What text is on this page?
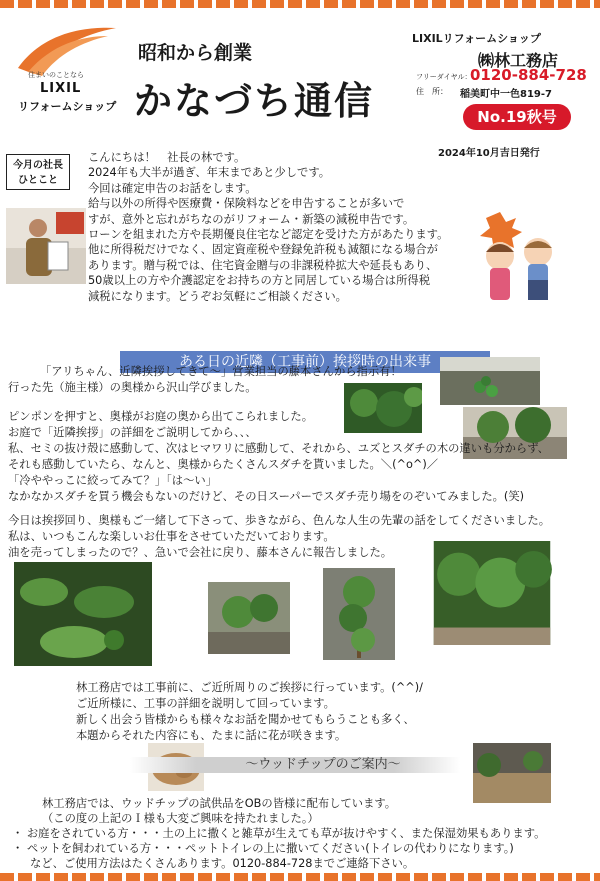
住まいのことなら
LIXIL
リフォームショップ
昭和から創業
かなづち通信
LIXILリフォームショップ
㈱林工務店
フリーダイヤル：
0120-884-728
住　所： 稲美町中一色819-7
No.19秋号
2024年10月吉日発行
今月の社長
ひとこと
こんにちは！　社長の林です。
2024年も大半が過ぎ、年末まであと少しです。
今回は確定申告のお話をします。
給与以外の所得や医療費・保険料などを申告することが多いで
すが、意外と忘れがちなのがリフォーム・新築の減税申告です。
ローンを組まれた方や長期優良住宅など認定を受けた方があたります。
他に所得税だけでなく、固定資産税や登録免許税も減額になる場合が
あります。贈与税では、住宅資金贈与の非課税枠拡大や延長もあり、
50歳以上の方や介護認定をお持ちの方と同居している場合は所得税
減税になります。どうぞお気軽にご相談ください。
ある日の近隣（工事前）挨拶時の出来事
「アリちゃん、近隣挨拶してきて～」営業担当の藤本さんから指示有！
行った先（施主様）の奥様から沢山学びました。
ピンポンを押すと、奥様がお庭の奥から出てこられました。
お庭で「近隣挨拶」の詳細をご説明してから、、、
私、セミの抜け殻に感動して、次はヒマワリに感動して、それから、ユズとスダチの木の違いも分からず、
それも感動していたら、なんと、奥様からたくさんスダチを貰いました。＼(^o^)／
「冷ややっこに絞ってみて？」「は～い」
なかなかスダチを買う機会もないのだけど、その日スーパーでスダチ売り場をのぞいてみました。(笑)
今日は挨拶回り、奥様もご一緒して下さって、歩きながら、色んな人生の先輩の話をしてくださいました。
私は、いつもこんな楽しいお仕事をさせていただいております。
油を売ってしまったので？、急いで会社に戻り、藤本さんに報告しました。
林工務店では工事前に、ご近所周りのご挨拶に行っています。(^^)/
ご近所様に、工事の詳細を説明して回っています。
新しく出会う皆様からも様々なお話を聞かせてもらうことも多く、
本題からそれた内容にも、たまに話に花が咲きます。
～ウッドチップのご案内～
林工務店では、ウッドチップの試供品をOBの皆様に配布しています。
（この度の上記のＩ様も大変ご興味を持たれました。）
・ お庭をされている方・・・土の上に撒くと雑草が生えても草が抜けやすく、また保湿効果もあります。
・ ペットを飼われている方・・・ペットトイレの上に撒いてください(トイレの代わりになります。)
など、ご使用方法はたくさんあります。0120-884-728までご連絡下さい。
